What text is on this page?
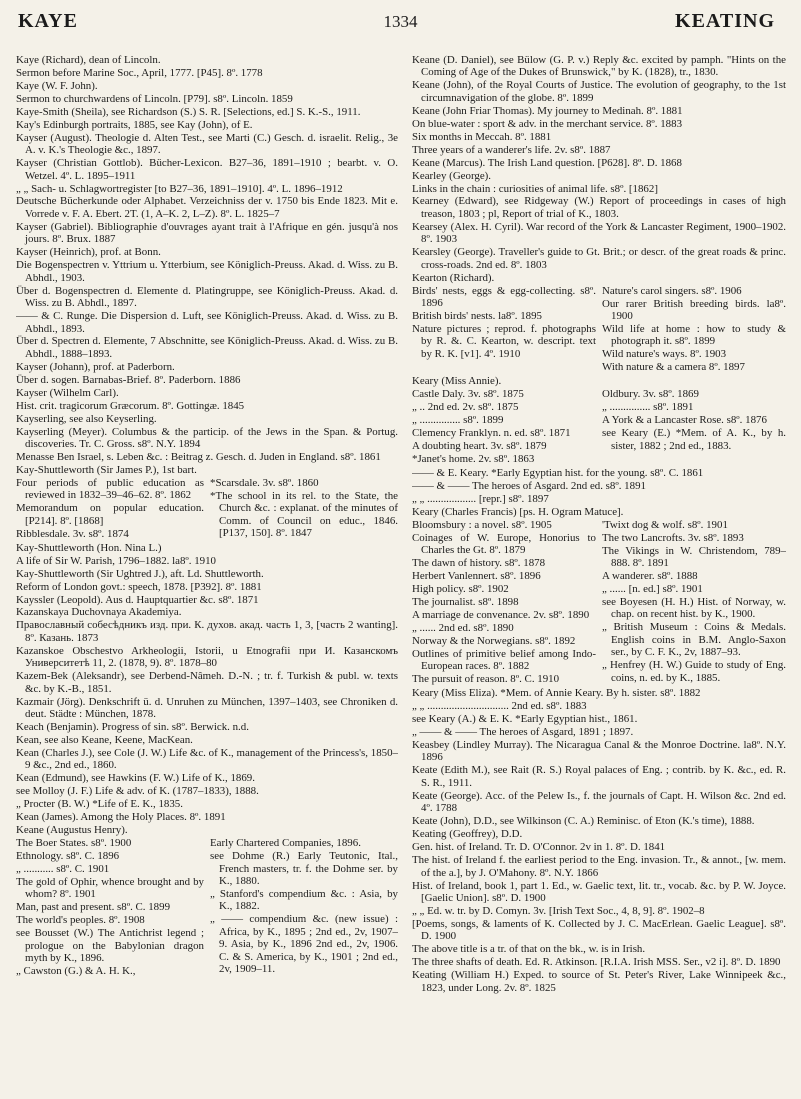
KAYE	1334	KEATING
Kaye (Richard), dean of Lincoln.
Sermon before Marine Soc., April, 1777. [P45]. 8º. 1778
Kaye (W. F. John).
Sermon to churchwardens of Lincoln. [P79]. s8º. Lincoln. 1859
Kaye-Smith (Sheila), see Richardson (S.) S. R. [Selections, ed.] S. K.-S., 1911.
Kay's Edinburgh portraits, 1885, see Kay (John), of E.
Kayser (August). Theologie d. Alten Test., see Marti (C.) Gesch. d. israelit. Relig., 3e A. v. K.'s Theologie &c., 1897.
Kayser (Christian Gottlob). Bücher-Lexicon. B27–36, 1891–1910 ; bearbt. v. O. Wetzel. 4º. L. 1895–1911
„ „ Sach- u. Schlagwortregister [to B27–36, 1891–1910]. 4º. L. 1896–1912
Deutsche Bücherkunde oder Alphabet. Verzeichniss der v. 1750 bis Ende 1823. Mit e. Vorrede v. F. A. Ebert. 2T. (1, A–K. 2, L–Z). 8º. L. 1825–7
Kayser (Gabriel). Bibliographie d'ouvrages ayant trait à l'Afrique en gén. jusqu'à nos jours. 8º. Brux. 1887
Kayser (Heinrich), prof. at Bonn.
Die Bogenspectren v. Yttrium u. Ytterbium, see Königlich-Preuss. Akad. d. Wiss. zu B. Abhdl., 1903.
Über d. Bogenspectren d. Elemente d. Platingruppe, see Königlich-Preuss. Akad. d. Wiss. zu B. Abhdl., 1897.
—— & C. Runge. Die Dispersion d. Luft, see Königlich-Preuss. Akad. d. Wiss. zu B. Abhdl., 1893.
Über d. Spectren d. Elemente, 7 Abschnitte, see Königlich-Preuss. Akad. d. Wiss. zu B. Abhdl., 1888–1893.
Kayser (Johann), prof. at Paderborn.
Über d. sogen. Barnabas-Brief. 8º. Paderborn. 1886
Kayser (Wilhelm Carl).
Hist. crit. tragicorum Græcorum. 8º. Gottingæ. 1845
Kayserling, see also Keyserling.
Kayserling (Meyer). Columbus & the particip. of the Jews in the Span. & Portug. discoveries. Tr. C. Gross. s8º. N.Y. 1894
Menasse Ben Israel, s. Leben &c. : Beitrag z. Gesch. d. Juden in England. s8º. 1861
Kay-Shuttleworth (Sir James P.), 1st bart.
Four periods of public education as reviewed in 1832–39–46–62. 8º. 1862
Memorandum on popular education. [P214]. 8º. [1868]
Ribblesdale. 3v. s8º. 1874
*Scarsdale. 3v. s8º. 1860
*The school in its rel. to the State, the Church &c. : explanat. of the minutes of Comm. of Council on educ., 1846. [P137, 150]. 8º. 1847
Kay-Shuttleworth (Hon. Nina L.)
A life of Sir W. Parish, 1796–1882. la8º. 1910
Kay-Shuttleworth (Sir Ughtred J.), aft. Ld. Shuttleworth.
Reform of London govt.: speech, 1878. [P392]. 8º. 1881
Kayssler (Leopold). Aus d. Hauptquartier &c. s8º. 1871
Kazanskaya Duchovnaya Akademiya.
Православный собесѣдникъ изд. при. К. духов. акад. часть 1, 3, [часть 2 wanting]. 8º. Казань. 1873
Kazanskoe Obschestvo Arkheologii, Istorii, u Etnografii при И. Казанскомъ Университетѣ 11, 2. (1878, 9). 8º. 1878–80
Kazem-Bek (Aleksandr), see Derbend-Nâmeh. D.-N. ; tr. f. Turkish & publ. w. texts &c. by K.-B., 1851.
Kazmair (Jörg). Denkschrift ü. d. Unruhen zu München, 1397–1403, see Chroniken d. deut. Städte : München, 1878.
Keach (Benjamin). Progress of sin. s8º. Berwick. n.d.
Kean, see also Keane, Keene, MacKean.
Kean (Charles J.), see Cole (J. W.) Life &c. of K., management of the Princess's, 1850–9 &c., 2nd ed., 1860.
Kean (Edmund), see Hawkins (F. W.) Life of K., 1869.
see Molloy (J. F.) Life & adv. of K. (1787–1833), 1888.
„ Procter (B. W.) *Life of E. K., 1835.
Kean (James). Among the Holy Places. 8º. 1891
Keane (Augustus Henry).
The Boer States. s8º. 1900
Ethnology. s8º. C. 1896
„ ........... s8º. C. 1901
The gold of Ophir, whence brought and by whom? 8º. 1901
Man, past and present. s8º. C. 1899
The world's peoples. 8º. 1908
see Bousset (W.) The Antichrist legend ; prologue on the Babylonian dragon myth by K., 1896.
„ Cawston (G.) & A. H. K.,
Early Chartered Companies, 1896.
see Dohme (R.) Early Teutonic, Ital., French masters, tr. f. the Dohme ser. by K., 1880.
„ Stanford's compendium &c. : Asia, by K., 1882.
„ —— compendium &c. (new issue) : Africa, by K., 1895 ; 2nd ed., 2v, 1907–9. Asia, by K., 1896 2nd ed., 2v, 1906. C. & S. America, by K., 1901 ; 2nd ed., 2v, 1909–11.
Keane (D. Daniel), see Bülow (G. P. v.) Reply &c. excited by pamph. "Hints on the Coming of Age of the Dukes of Brunswick," by K. (1828), tr., 1830.
Keane (John), of the Royal Courts of Justice. The evolution of geography, to the 1st circumnavigation of the globe. 8º. 1899
Keane (John Friar Thomas). My journey to Medinah. 8º. 1881
On blue-water : sport & adv. in the merchant service. 8º. 1883
Six months in Meccah. 8º. 1881
Three years of a wanderer's life. 2v. s8º. 1887
Keane (Marcus). The Irish Land question. [P628]. 8º. D. 1868
Kearley (George).
Links in the chain : curiosities of animal life. s8º. [1862]
Kearney (Edward), see Ridgeway (W.) Report of proceedings in cases of high treason, 1803 ; pl, Report of trial of K., 1803.
Kearsey (Alex. H. Cyril). War record of the York & Lancaster Regiment, 1900–1902. 8º. 1903
Kearsley (George). Traveller's guide to Gt. Brit.; or descr. of the great roads & princ. cross-roads. 2nd ed. 8º. 1803
Kearton (Richard).
Birds' nests, eggs & egg-collecting. s8º. 1896
British birds' nests. la8º. 1895
Nature pictures ; reprod. f. photographs by R. &. C. Kearton, w. descript. text by R. K. [v1]. 4º. 1910
Nature's carol singers. s8º. 1906
Our rarer British breeding birds. la8º. 1900
Wild life at home : how to study & photograph it. s8º. 1899
Wild nature's ways. 8º. 1903
With nature & a camera 8º. 1897
Keary (Miss Annie).
Castle Daly. 3v. s8º. 1875
„ .. 2nd ed. 2v. s8º. 1875
„ ............... s8º. 1899
Clemency Franklyn. n. ed. s8º. 1871
A doubting heart. 3v. s8º. 1879
*Janet's home. 2v. s8º. 1863
Oldbury. 3v. s8º. 1869
„ ............... s8º. 1891
A York & a Lancaster Rose. s8º. 1876
see Keary (E.) *Mem. of A. K., by h. sister, 1882 ; 2nd ed., 1883.
—— & E. Keary. *Early Egyptian hist. for the young. s8º. C. 1861
—— & —— The heroes of Asgard. 2nd ed. s8º. 1891
„ „ .................. [repr.] s8º. 1897
Keary (Charles Francis) [ps. H. Ogram Matuce].
Bloomsbury : a novel. s8º. 1905
Coinages of W. Europe, Honorius to Charles the Gt. 8º. 1879
The dawn of history. s8º. 1878
Herbert Vanlennert. s8º. 1896
High policy. s8º. 1902
The journalist. s8º. 1898
A marriage de convenance. 2v. s8º. 1890
„ ...... 2nd ed. s8º. 1890
Norway & the Norwegians. s8º. 1892
Outlines of primitive belief among Indo-European races. 8º. 1882
The pursuit of reason. 8º. C. 1910
'Twixt dog & wolf. s8º. 1901
The two Lancrofts. 3v. s8º. 1893
The Vikings in W. Christendom, 789–888. 8º. 1891
A wanderer. s8º. 1888
„ ...... [n. ed.] s8º. 1901
see Boyesen (H. H.) Hist. of Norway, w. chap. on recent hist. by K., 1900.
„ British Museum : Coins & Medals. English coins in B.M. Anglo-Saxon ser., by C. F. K., 2v, 1887–93.
„ Henfrey (H. W.) Guide to study of Eng. coins, n. ed. by K., 1885.
Keary (Miss Eliza). *Mem. of Annie Keary. By h. sister. s8º. 1882
„ „ .............................. 2nd ed. s8º. 1883
see Keary (A.) & E. K. *Early Egyptian hist., 1861.
„ —— & —— The heroes of Asgard, 1891 ; 1897.
Keasbey (Lindley Murray). The Nicaragua Canal & the Monroe Doctrine. la8º. N.Y. 1896
Keate (Edith M.), see Rait (R. S.) Royal palaces of Eng. ; contrib. by K. &c., ed. R. S. R., 1911.
Keate (George). Acc. of the Pelew Is., f. the journals of Capt. H. Wilson &c. 2nd ed. 4º. 1788
Keate (John), D.D., see Wilkinson (C. A.) Reminisc. of Eton (K.'s time), 1888.
Keating (Geoffrey), D.D.
Gen. hist. of Ireland. Tr. D. O'Connor. 2v in 1. 8º. D. 1841
The hist. of Ireland f. the earliest period to the Eng. invasion. Tr., & annot., [w. mem. of the a.], by J. O'Mahony. 8º. N.Y. 1866
Hist. of Ireland, book 1, part 1. Ed., w. Gaelic text, lit. tr., vocab. &c. by P. W. Joyce. [Gaelic Union]. s8º. D. 1900
„ „ Ed. w. tr. by D. Comyn. 3v. [Irish Text Soc., 4, 8, 9]. 8º. 1902–8
[Poems, songs, & laments of K. Collected by J. C. MacErlean. Gaelic League]. s8º. D. 1900
The above title is a tr. of that on the bk., w. is in Irish.
The three shafts of death. Ed. R. Atkinson. [R.I.A. Irish MSS. Ser., v2 i]. 8º. D. 1890
Keating (William H.) Exped. to source of St. Peter's River, Lake Winnipeek &c., 1823, under Long. 2v. 8º. 1825
